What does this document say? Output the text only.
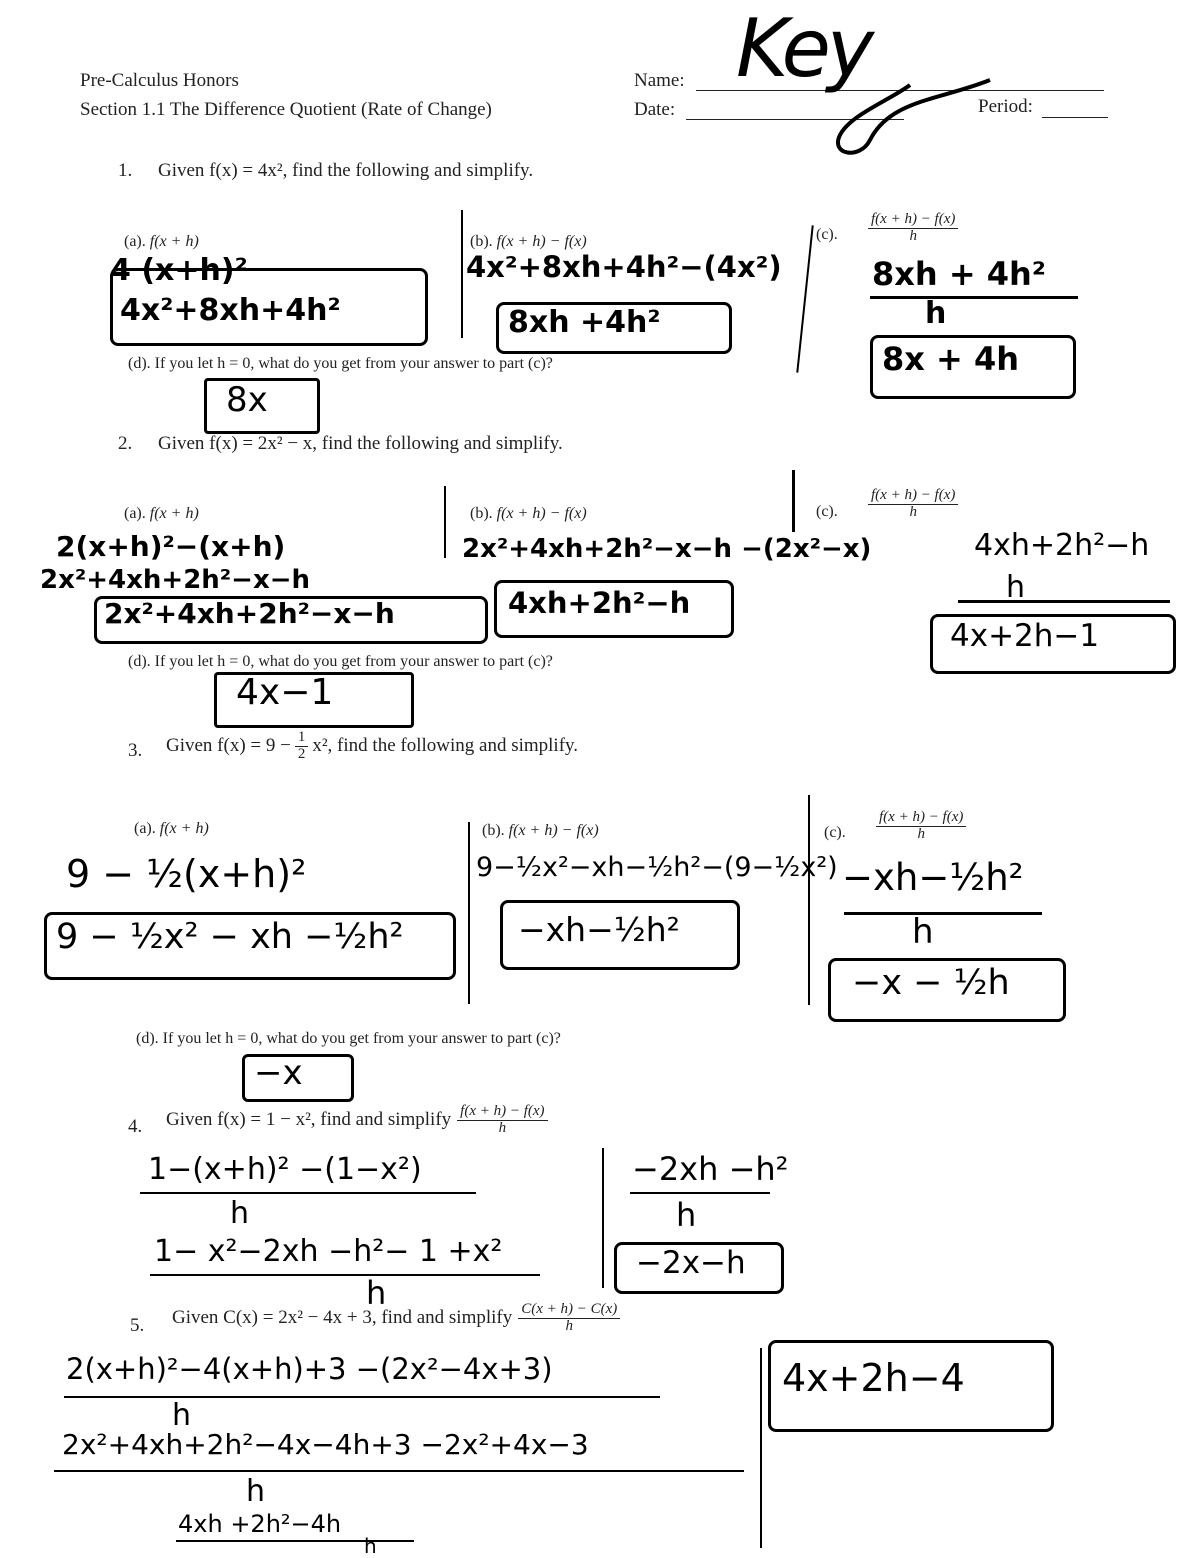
Pre-Calculus Honors
Section 1.1 The Difference Quotient (Rate of Change)
Name:
Date:	Period:
Key
1. Given f(x) = 4x², find the following and simplify.
(a). f(x + h)
4 (x+h)²
4x²+8xh+4h²
(b). f(x + h) − f(x)
4x²+8xh+4h²−(4x²)
8xh +4h²
(c). $\frac{f(x + h) - f(x)}{h}$
8xh + 4h²
h
8x + 4h
(d). If you let h = 0, what do you get from your answer to part (c)?
8x
2. Given f(x) = 2x² − x, find the following and simplify.
(a). f(x + h)
2(x+h)²−(x+h)
2x²+4xh+2h²−x−h
2x²+4xh+2h²−x−h
(b). f(x + h) − f(x)
2x²+4xh+2h²−x−h −(2x²−x)
4xh+2h²−h
(c). $\frac{f(x + h) - f(x)}{h}$
4xh+2h²−h
h
4x+2h−1
(d). If you let h = 0, what do you get from your answer to part (c)?
4x−1
3. Given $f(x) = 9 - \frac{1}{2} x^2$, find the following and simplify.
(a). f(x + h)
9 − ½(x+h)²
9 − ½x² − xh −½h²
(b). f(x + h) − f(x)
9−½x²−xh−½h²−(9−½x²)
−xh−½h²
(c). $\frac{f(x + h) - f(x)}{h}$
−xh−½h²
h
−x − ½h
(d). If you let h = 0, what do you get from your answer to part (c)?
−x
4. Given f(x) = 1 − x², find and simplify $\frac{f(x + h) - f(x)}{h}$
1−(x+h)² −(1−x²)
h
1− x²−2xh −h²− 1 +x²
h
−2xh −h²
h
−2x−h
5. Given C(x) = 2x² − 4x + 3, find and simplify $\frac{C(x + h) - C(x)}{h}$
2(x+h)²−4(x+h)+3 −(2x²−4x+3)
h
2x²+4xh+2h²−4x−4h+3 −2x²+4x−3
h
4xh +2h²−4h
h
4x+2h−4
